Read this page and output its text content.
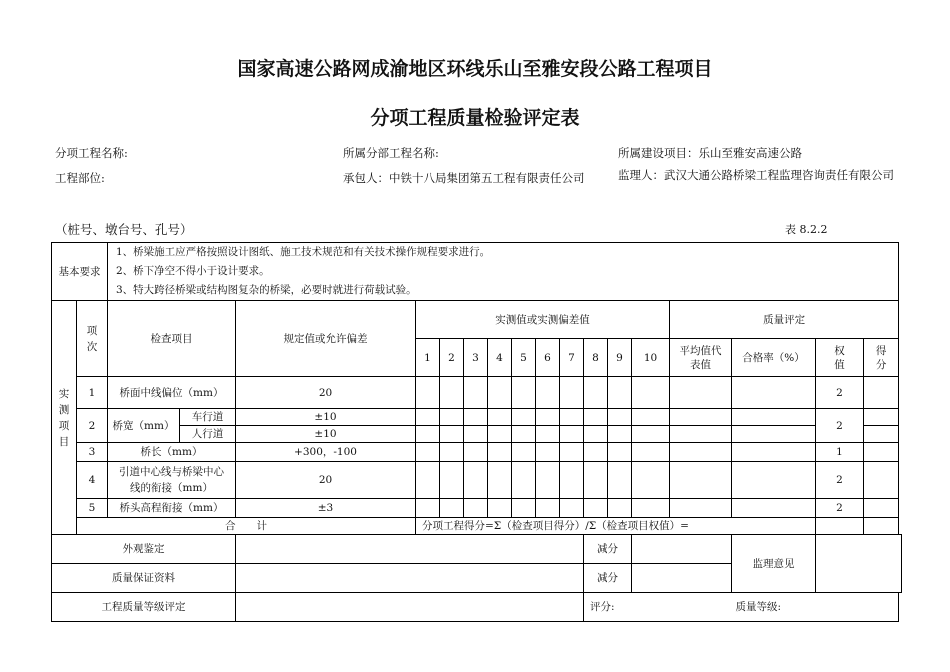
国家高速公路网成渝地区环线乐山至雅安段公路工程项目
分项工程质量检验评定表
分项工程名称:	所属分部工程名称:	所属建设项目：乐山至雅安高速公路
工程部位:	承包人：中铁十八局集团第五工程有限责任公司	监理人：武汉大通公路桥梁工程监理咨询责任有限公司
（桩号、墩台号、孔号）	表 8.2.2
基本要求		1、桥梁施工应严格按照设计图纸、施工技术规范和有关技术操作规程要求进行。
2、桥下净空不得小于设计要求。
3、特大跨径桥梁或结构图复杂的桥梁，必要时就进行荷载试验。																

实测项目	项次	检查项目		规定值或允许偏差	实测值或实测偏差值										质量评定			
					1	2	3	4	5	6	7	8	9	10	平均值代表值	合格率（%）	权值	得分
	1	桥面中线偏位（mm）		20													2	
	2	桥宽（mm）	车行道	±10													2	
			人行道	±10														
	3	桥长（mm）		+300，-100													1	
	4	引道中心线与桥梁中心线的衔接（mm）		20													2	
	5	桥头高程衔接（mm）		±3													2	
	合　　计				分项工程得分=Σ（检查项目得分）/Σ（检查项目权值）=													
外观鉴定												减分				监理意见		
质量保证资料												减分						
工程质量等级评定												评分:				质量等级:		
